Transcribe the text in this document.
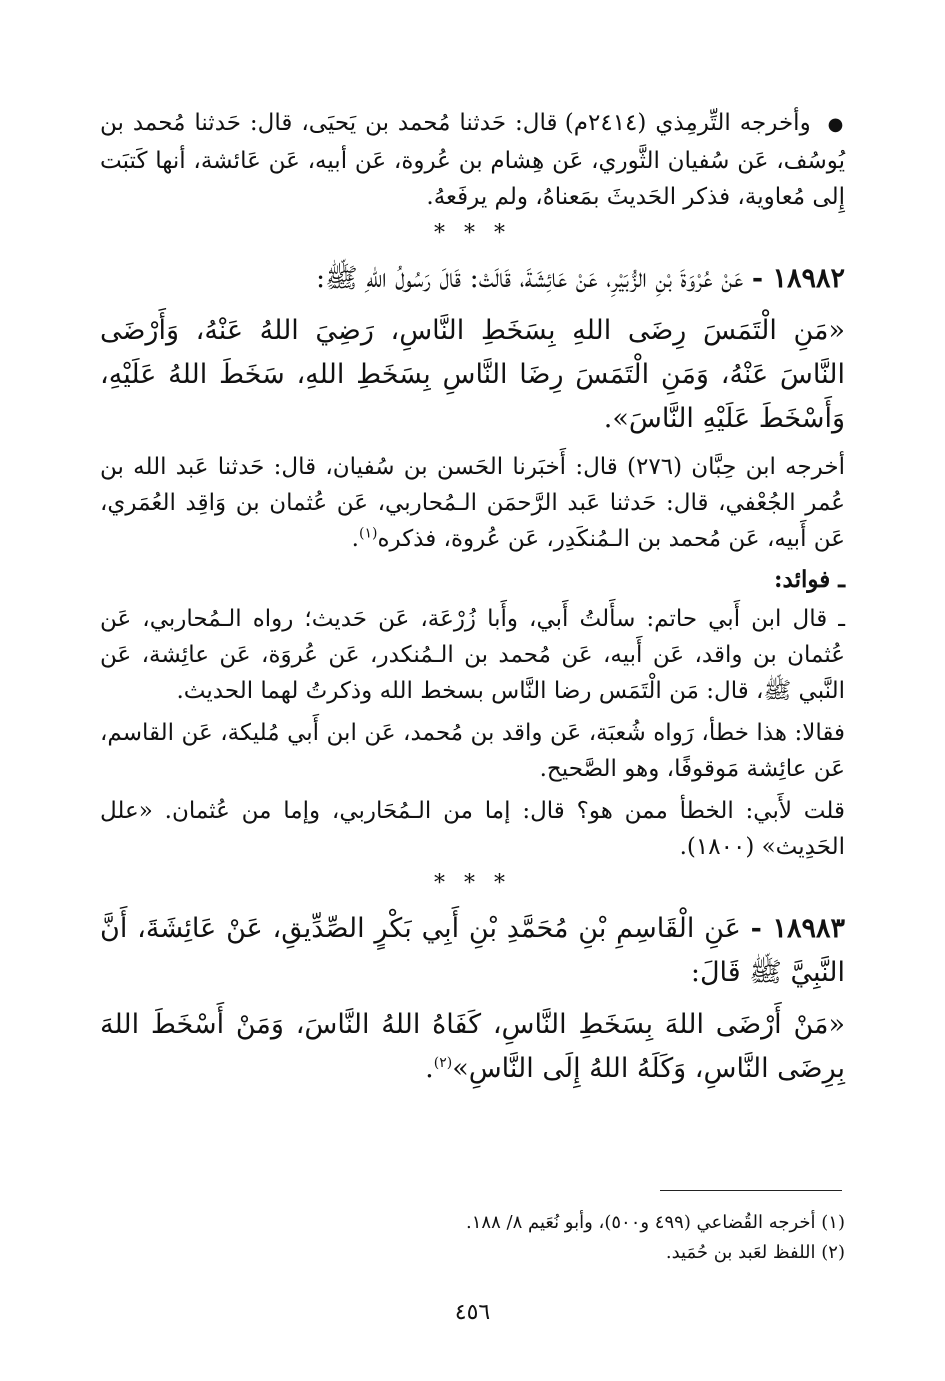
● وأخرجه التِّرمِذي (٢٤١٤م) قال: حَدثنا مُحمد بن يَحيَى، قال: حَدثنا مُحمد بن يُوسُف، عَن سُفيان الثَّوري، عَن هِشام بن عُروة، عَن أبيه، عَن عَائشة، أنها كَتبَت إِلى مُعاوية، فذكر الحَديثَ بمَعناهُ، ولم يرفَعهُ.

* * *

١٨٩٨٢ - عَنْ عُرْوَةَ بْنِ الزُّبَيْرِ، عَنْ عَائِشَةَ، قَالَتْ: قَالَ رَسُولُ اللهِ ﷺ:

«مَنِ الْتَمَسَ رِضَى اللهِ بِسَخَطِ النَّاسِ، رَضِيَ اللهُ عَنْهُ، وَأَرْضَى النَّاسَ عَنْهُ، وَمَنِ الْتَمَسَ رِضَا النَّاسِ بِسَخَطِ اللهِ، سَخَطَ اللهُ عَلَيْهِ، وَأَسْخَطَ عَلَيْهِ النَّاسَ».

أخرجه ابن حِبَّان (٢٧٦) قال: أَخبَرنا الحَسن بن سُفيان، قال: حَدثنا عَبد الله بن عُمر الجُعْفي، قال: حَدثنا عَبد الرَّحمَن الـمُحاربي، عَن عُثمان بن وَاقِد العُمَري، عَن أَبيه، عَن مُحمد بن الـمُنكَدِر، عَن عُروة، فذكره$^{(١)}$.

ـ فوائد:

ـ قال ابن أَبي حاتم: سأَلتُ أَبي، وأَبا زُرْعَة، عَن حَديث؛ رواه الـمُحاربي، عَن عُثمان بن واقد، عَن أَبيه، عَن مُحمد بن الـمُنكدر، عَن عُروَة، عَن عائِشة، عَن النَّبي ﷺ، قال: مَن الْتَمَس رضا النَّاس بسخط الله وذكرتُ لهما الحديث.

فقالا: هذا خطأ، رَواه شُعبَة، عَن واقد بن مُحمد، عَن ابن أَبي مُليكة، عَن القاسم، عَن عائِشة مَوقوفًا، وهو الصَّحيح.

قلت لأَبي: الخطأ ممن هو؟ قال: إما من الـمُحَاربي، وإما من عُثمان. «علل الحَدِيث» (١٨٠٠).

* * *

١٨٩٨٣ - عَنِ الْقَاسِمِ بْنِ مُحَمَّدِ بْنِ أَبِي بَكْرٍ الصِّدِّيقِ، عَنْ عَائِشَةَ، أَنَّ النَّبِيَّ ﷺ قَالَ:

«مَنْ أَرْضَى اللهَ بِسَخَطِ النَّاسِ، كَفَاهُ اللهُ النَّاسَ، وَمَنْ أَسْخَطَ اللهَ بِرِضَى النَّاسِ، وَكَلَهُ اللهُ إِلَى النَّاسِ»$^{(٢)}$.

(١) أخرجه القُضاعي (٤٩٩ و٥٠٠)، وأبو نُعَيم ٨/ ١٨٨.

(٢) اللفظ لعَبد بن حُمَيد.

٤٥٦
